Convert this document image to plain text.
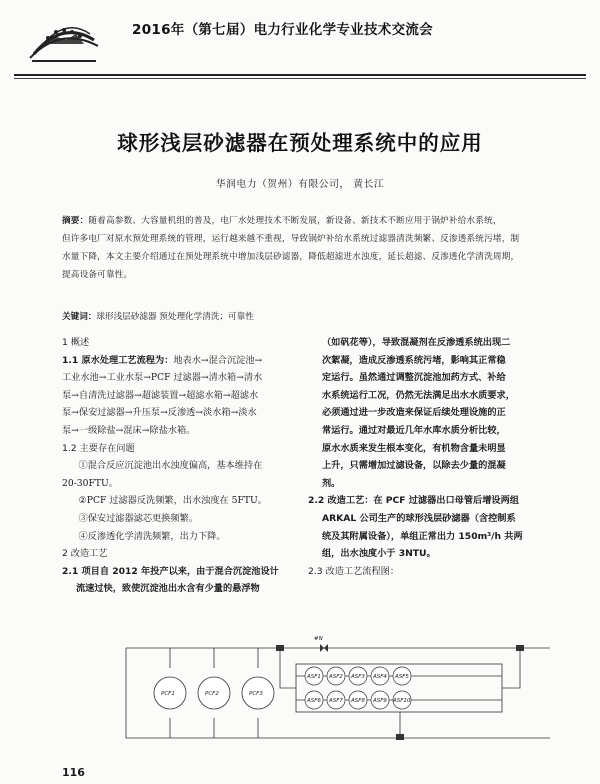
2016年（第七届）电力行业化学专业技术交流会
球形浅层砂滤器在预处理系统中的应用
华润电力（贺州）有限公司， 黄长江
摘要：随着高参数、大容量机组的普及，电厂水处理技术不断发展，新设备、新技术不断应用于锅炉补给水系统，
但许多电厂对原水预处理系统的管理，运行越来越不重视，导致锅炉补给水系统过滤器清洗频繁、反渗透系统污堵，制
水量下降，本文主要介绍通过在预处理系统中增加浅层砂滤器，降低超滤进水浊度，延长超滤、反渗透化学清洗周期，
提高设备可靠性。
关键词：球形浅层砂滤器 预处理化学清洗；可靠性

1 概述

1.1 原水处理工艺流程为：地表水→混合沉淀池→

工业水池→工业水泵→PCF 过滤器→清水箱→清水

泵→自清洗过滤器→超滤装置→超滤水箱→超滤水

泵→保安过滤器→升压泵→反渗透→淡水箱→淡水

泵→一级除盐→混床→除盐水箱。

1.2 主要存在问题

①混合反应沉淀池出水浊度偏高，基本维持在

20-30FTU。

②PCF 过滤器反洗频繁，出水浊度在 5FTU。

③保安过滤器滤芯更换频繁。

④反渗透化学清洗频繁，出力下降。

2 改造工艺

2.1 项目自 2012 年投产以来，由于混合沉淀池设计

流速过快，致使沉淀池出水含有少量的悬浮物

（如矾花等），导致混凝剂在反渗透系统出现二

次絮凝，造成反渗透系统污堵，影响其正常稳

定运行。虽然通过调整沉淀池加药方式、补给

水系统运行工况，仍然无法满足出水水质要求，

必须通过进一步改造来保证后续处理设施的正

常运行。通过对最近几年水库水质分析比较，

原水水质来发生根本变化，有机物含量未明显

上升，只需增加过滤设备，以除去少量的混凝

剂。

2.2 改造工艺：在 PCF 过滤器出口母管后增设两组

ARKAL 公司生产的球形浅层砂滤器（含控制系

统及其附属设备），单组正常出力 150m³/h 共两

组，出水浊度小于 3NTU。

2.3 改造工艺流程图：

#N
PCF1	PCF2	PCF3
ASF1 ASF2 ASF3 ASF4 ASF5
ASF6 ASF7 ASF8 ASF9 ASF10
116
